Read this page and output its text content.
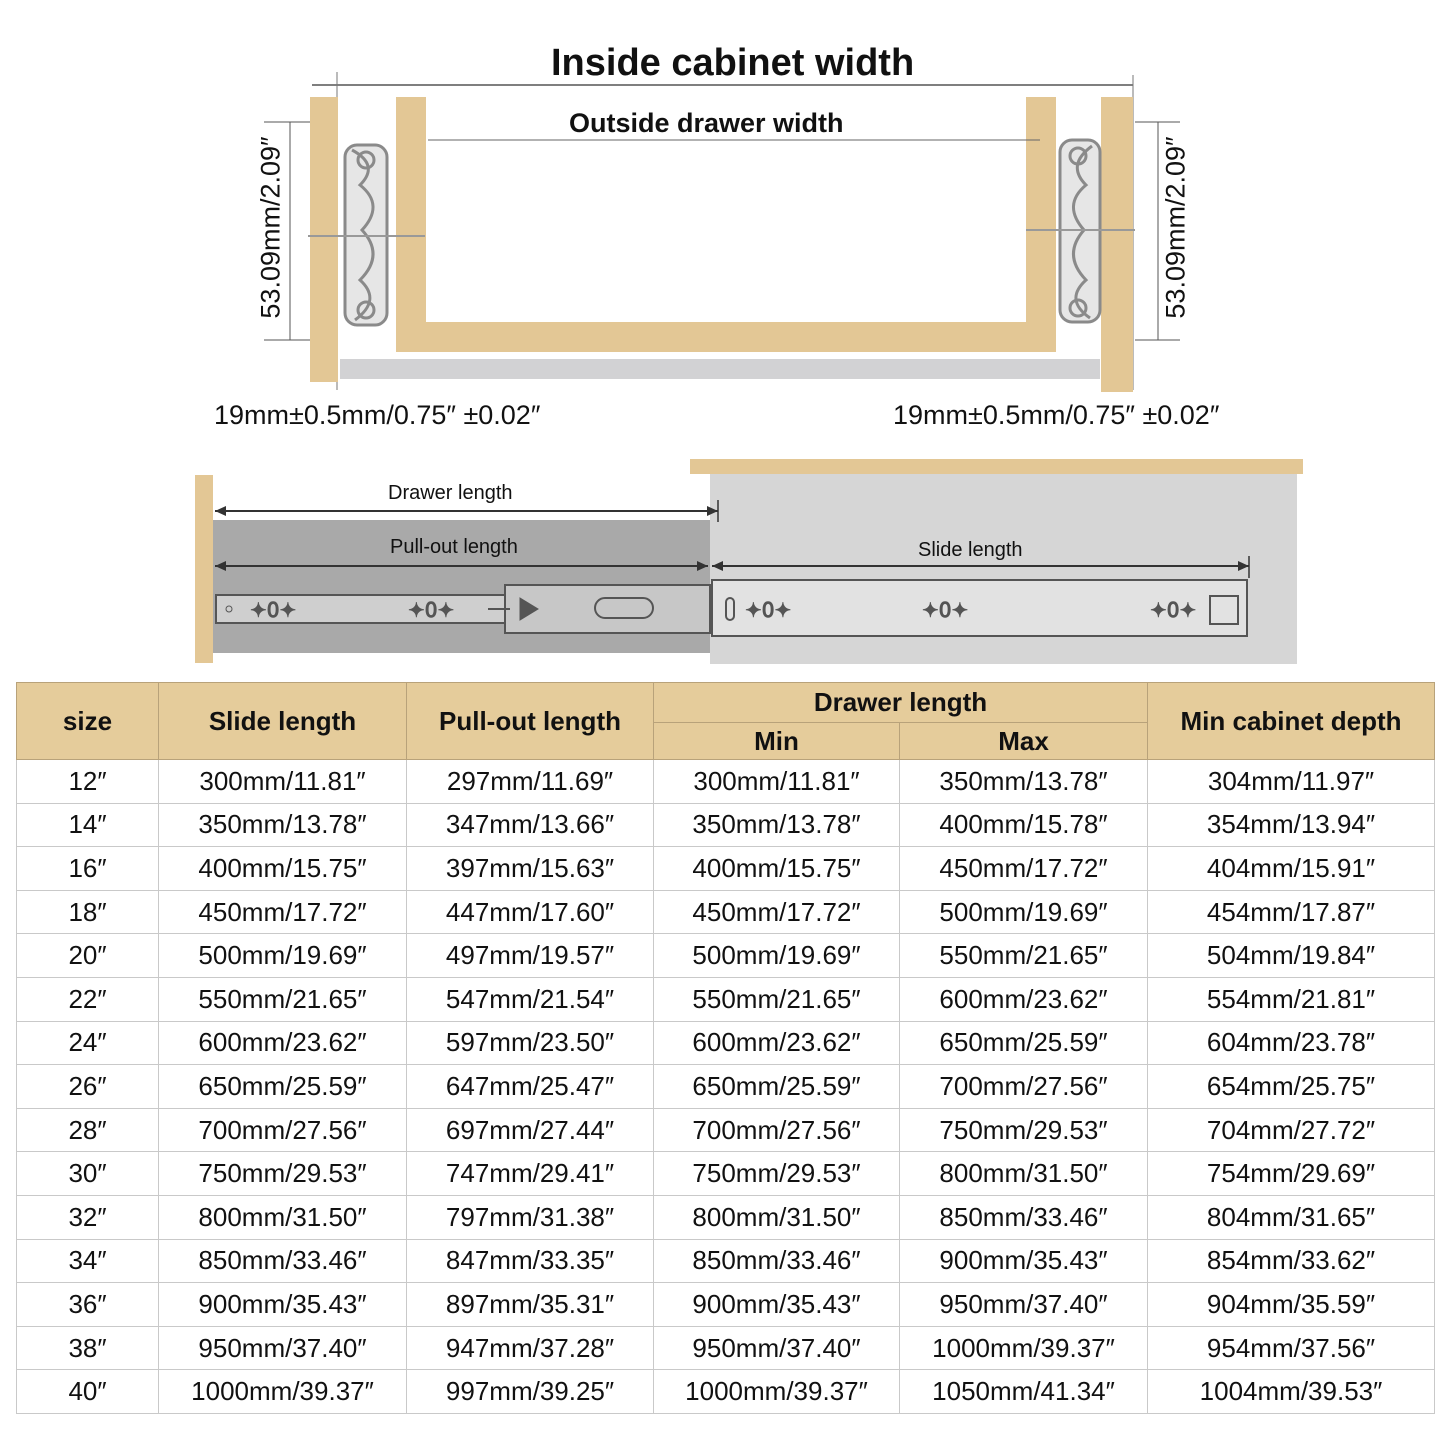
✦0✦	✦0✦	✦0✦	✦0✦	✦0✦
Inside cabinet width
Outside drawer width
53.09mm/2.09″	53.09mm/2.09″
19mm±0.5mm/0.75″ ±0.02″	19mm±0.5mm/0.75″ ±0.02″
Drawer length
Pull-out length	Slide length
size	Slide length	Pull-out length	Drawer length		Min cabinet depth
			Min	Max	
12″	300mm/11.81″	297mm/11.69″	300mm/11.81″	350mm/13.78″	304mm/11.97″
14″	350mm/13.78″	347mm/13.66″	350mm/13.78″	400mm/15.78″	354mm/13.94″
16″	400mm/15.75″	397mm/15.63″	400mm/15.75″	450mm/17.72″	404mm/15.91″
18″	450mm/17.72″	447mm/17.60″	450mm/17.72″	500mm/19.69″	454mm/17.87″
20″	500mm/19.69″	497mm/19.57″	500mm/19.69″	550mm/21.65″	504mm/19.84″
22″	550mm/21.65″	547mm/21.54″	550mm/21.65″	600mm/23.62″	554mm/21.81″
24″	600mm/23.62″	597mm/23.50″	600mm/23.62″	650mm/25.59″	604mm/23.78″
26″	650mm/25.59″	647mm/25.47″	650mm/25.59″	700mm/27.56″	654mm/25.75″
28″	700mm/27.56″	697mm/27.44″	700mm/27.56″	750mm/29.53″	704mm/27.72″
30″	750mm/29.53″	747mm/29.41″	750mm/29.53″	800mm/31.50″	754mm/29.69″
32″	800mm/31.50″	797mm/31.38″	800mm/31.50″	850mm/33.46″	804mm/31.65″
34″	850mm/33.46″	847mm/33.35″	850mm/33.46″	900mm/35.43″	854mm/33.62″
36″	900mm/35.43″	897mm/35.31″	900mm/35.43″	950mm/37.40″	904mm/35.59″
38″	950mm/37.40″	947mm/37.28″	950mm/37.40″	1000mm/39.37″	954mm/37.56″
40″	1000mm/39.37″	997mm/39.25″	1000mm/39.37″	1050mm/41.34″	1004mm/39.53″
